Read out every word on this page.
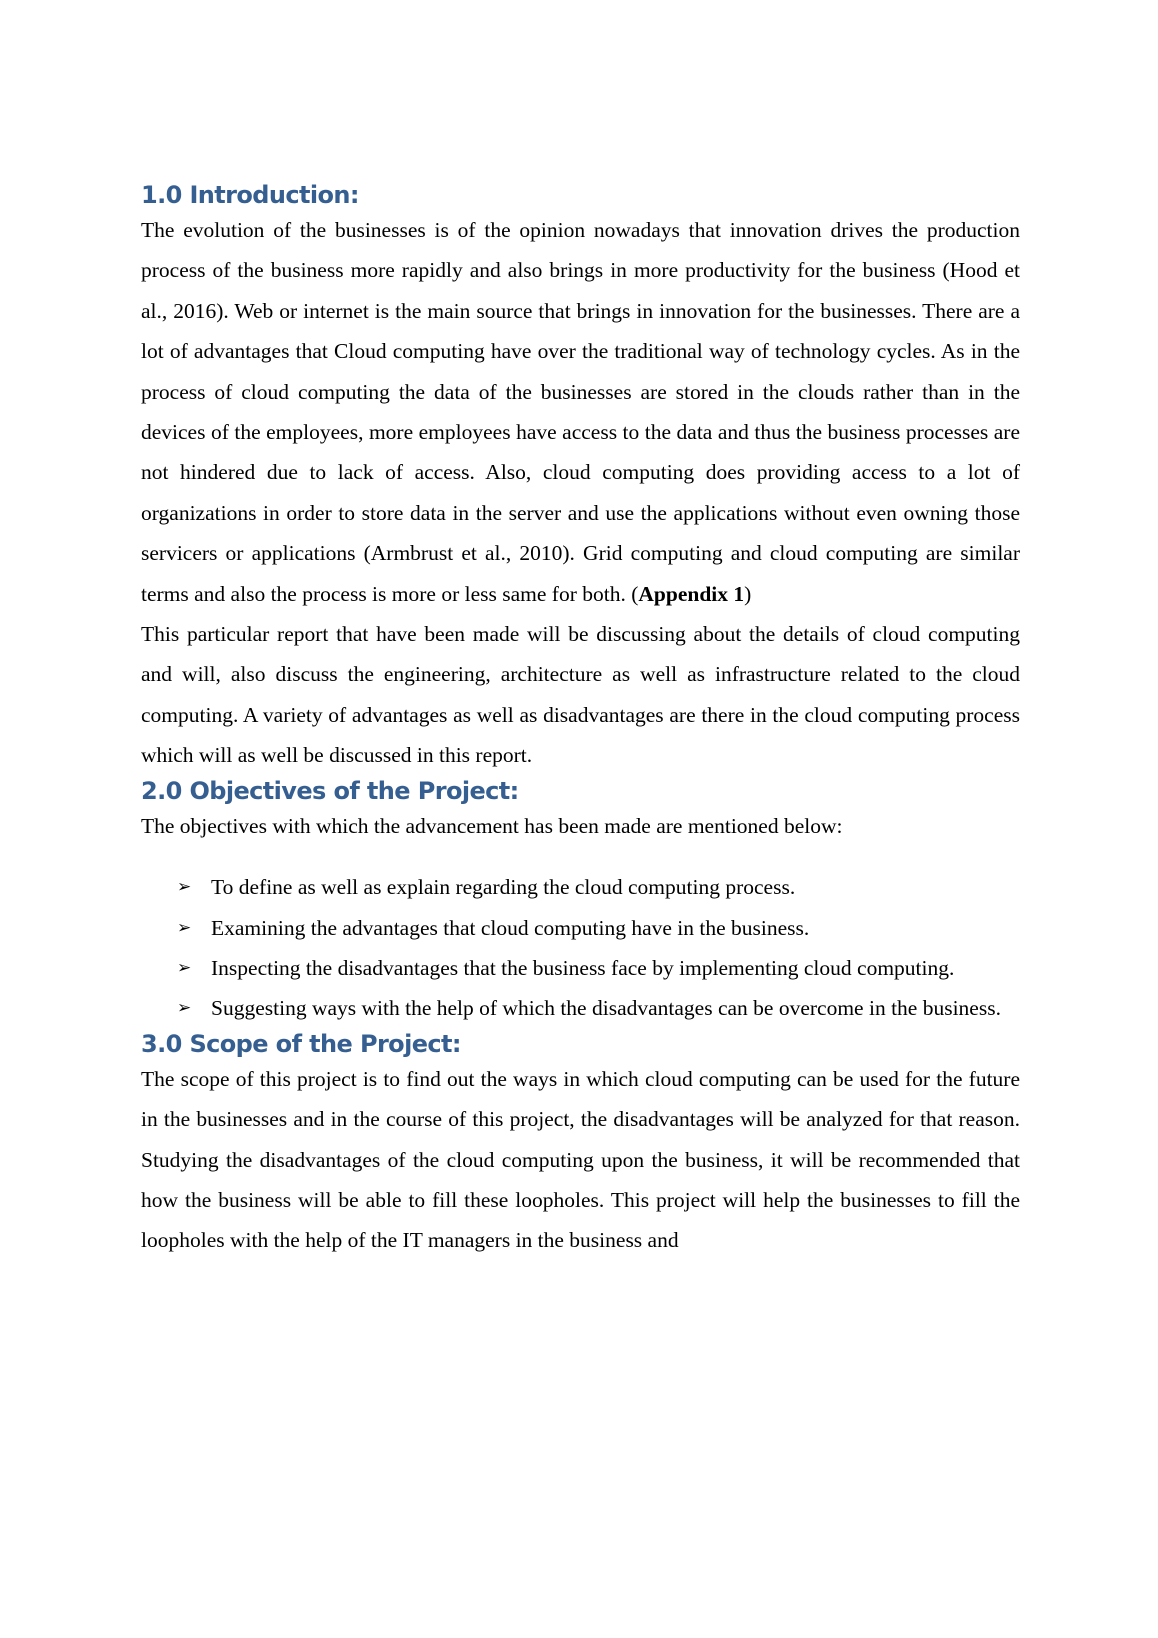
1.0 Introduction:

The evolution of the businesses is of the opinion nowadays that innovation drives the production process of the business more rapidly and also brings in more productivity for the business (Hood et al., 2016). Web or internet is the main source that brings in innovation for the businesses. There are a lot of advantages that Cloud computing have over the traditional way of technology cycles. As in the process of cloud computing the data of the businesses are stored in the clouds rather than in the devices of the employees, more employees have access to the data and thus the business processes are not hindered due to lack of access. Also, cloud computing does providing access to a lot of organizations in order to store data in the server and use the applications without even owning those servicers or applications (Armbrust et al., 2010). Grid computing and cloud computing are similar terms and also the process is more or less same for both. (Appendix 1)

This particular report that have been made will be discussing about the details of cloud computing and will, also discuss the engineering, architecture as well as infrastructure related to the cloud computing. A variety of advantages as well as disadvantages are there in the cloud computing process which will as well be discussed in this report.

2.0 Objectives of the Project:

The objectives with which the advancement has been made are mentioned below:

➢ To define as well as explain regarding the cloud computing process.
➢ Examining the advantages that cloud computing have in the business.
➢ Inspecting the disadvantages that the business face by implementing cloud computing.
➢ Suggesting ways with the help of which the disadvantages can be overcome in the business.
3.0 Scope of the Project:

The scope of this project is to find out the ways in which cloud computing can be used for the future in the businesses and in the course of this project, the disadvantages will be analyzed for that reason. Studying the disadvantages of the cloud computing upon the business, it will be recommended that how the business will be able to fill these loopholes. This project will help the businesses to fill the loopholes with the help of the IT managers in the business and
